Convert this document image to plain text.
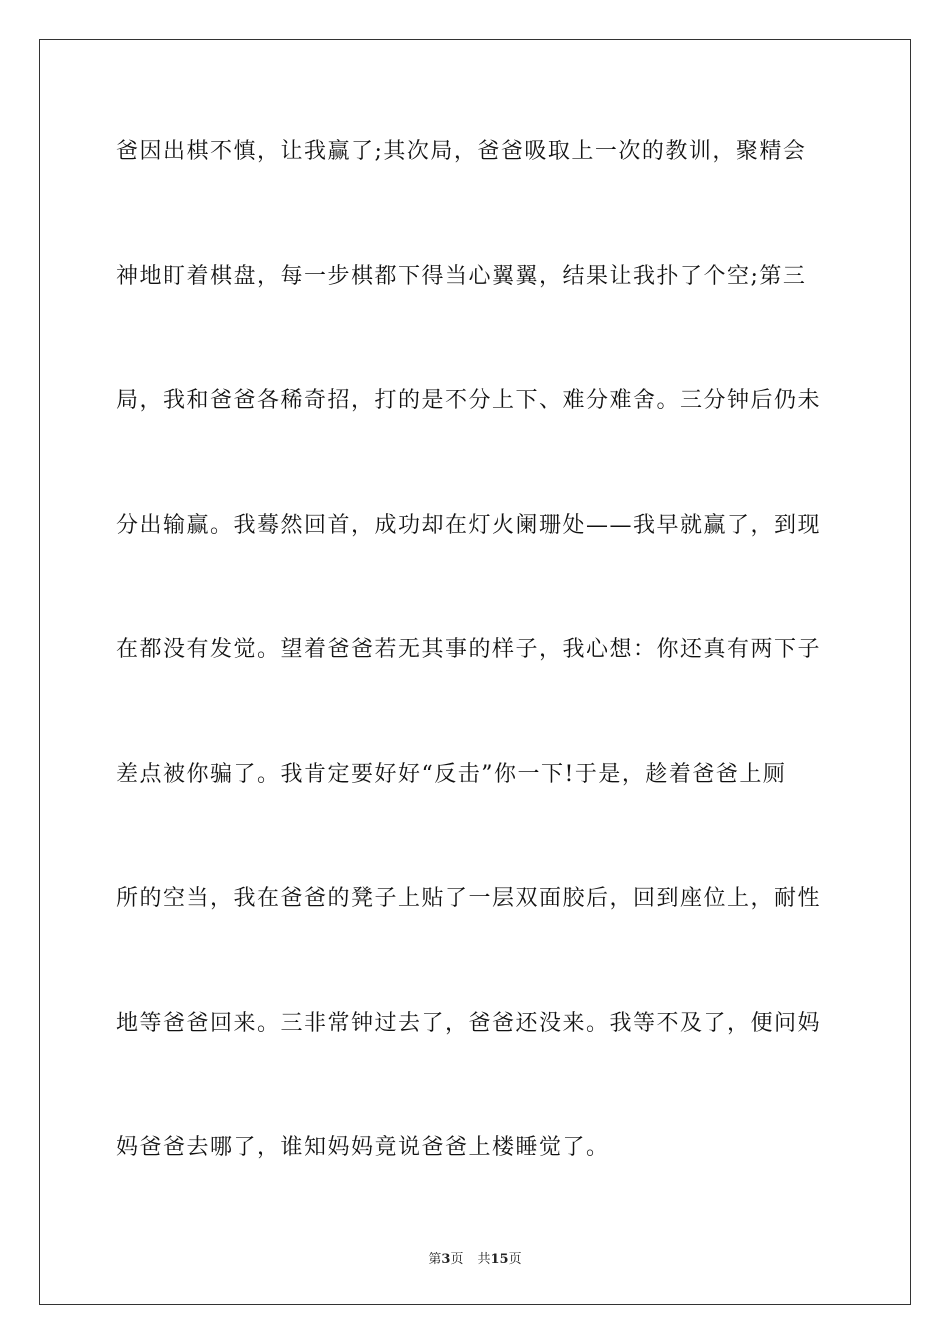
爸因出棋不慎，让我赢了;其次局，爸爸吸取上一次的教训，聚精会
神地盯着棋盘，每一步棋都下得当心翼翼，结果让我扑了个空;第三
局，我和爸爸各稀奇招，打的是不分上下、难分难舍。三分钟后仍未
分出输赢。我蓦然回首，成功却在灯火阑珊处——我早就赢了，到现
在都没有发觉。望着爸爸若无其事的样子，我心想：你还真有两下子
差点被你骗了。我肯定要好好“反击”你一下!于是，趁着爸爸上厕
所的空当，我在爸爸的凳子上贴了一层双面胶后，回到座位上，耐性
地等爸爸回来。三非常钟过去了，爸爸还没来。我等不及了，便问妈
妈爸爸去哪了，谁知妈妈竟说爸爸上楼睡觉了。
第3页 共15页
